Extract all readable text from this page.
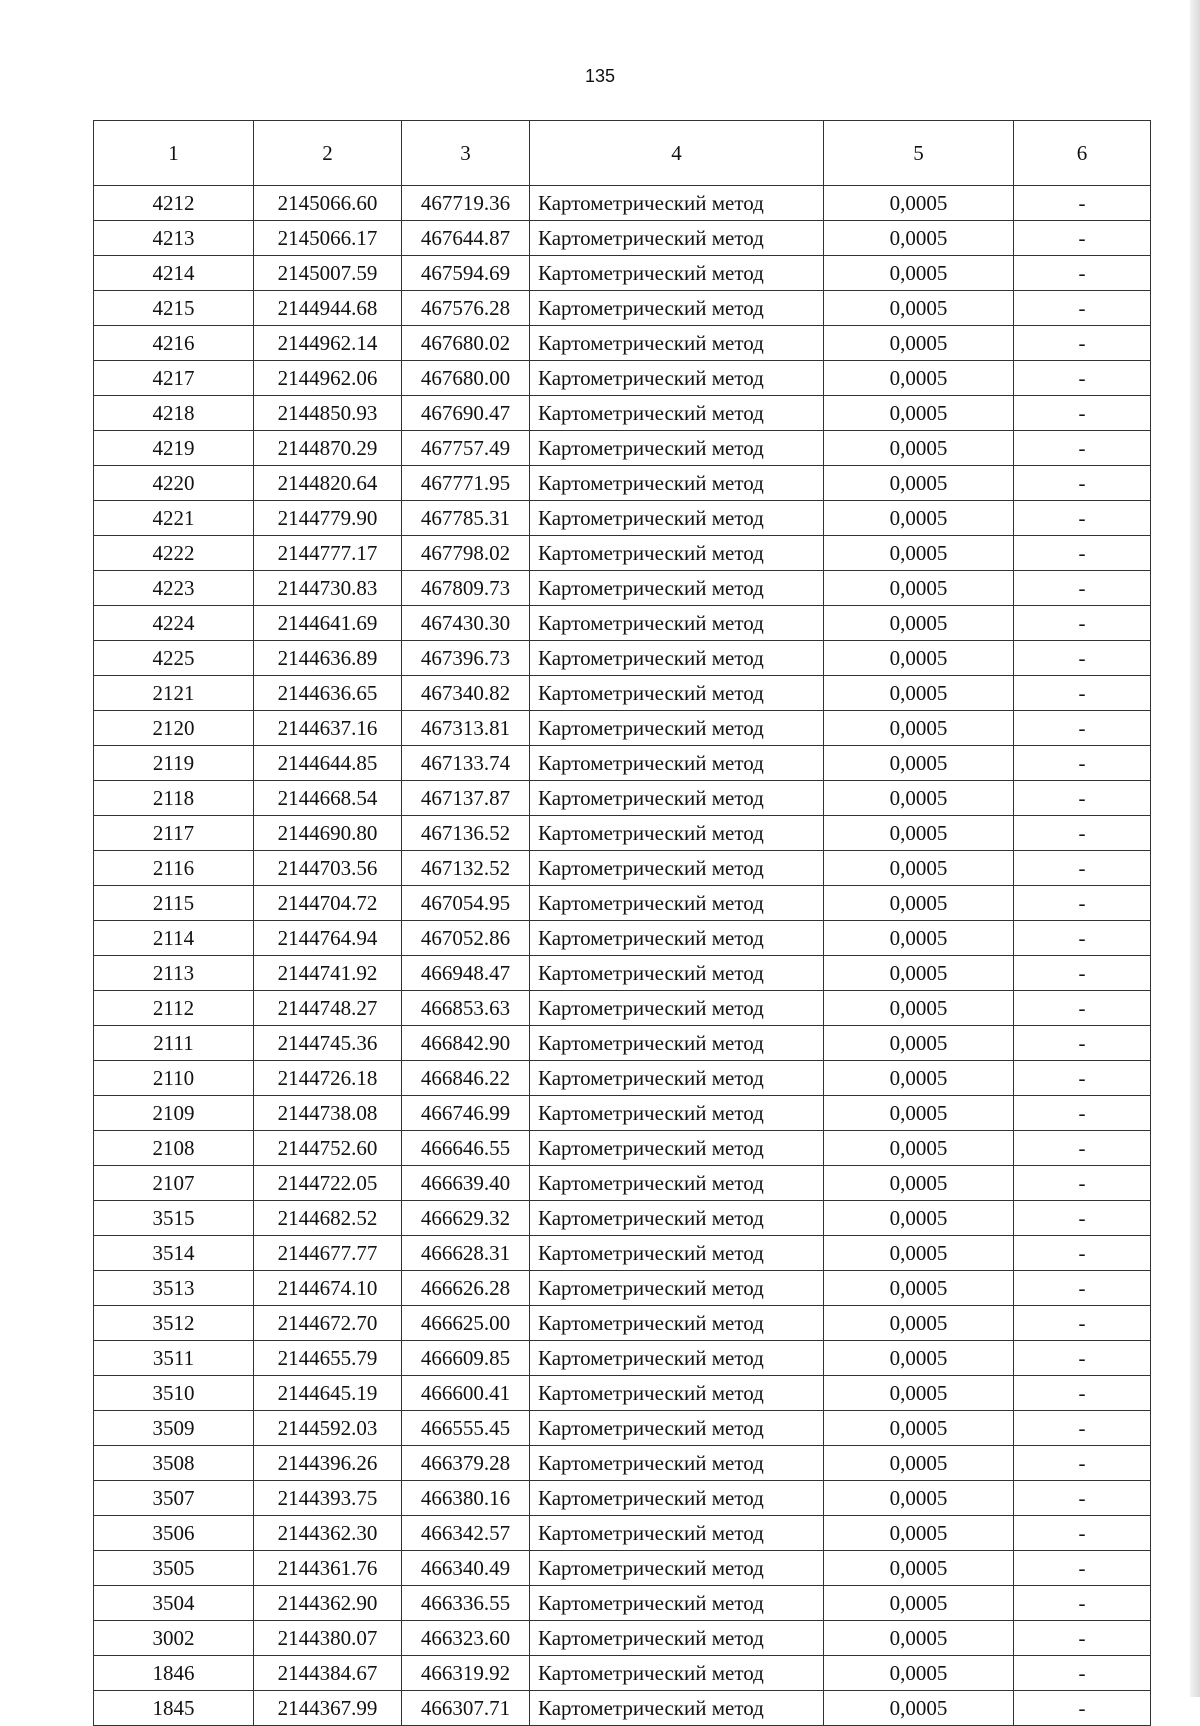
135
1	2	3	4	5	6
4212	2145066.60	467719.36	Картометрический метод	0,0005	-
4213	2145066.17	467644.87	Картометрический метод	0,0005	-
4214	2145007.59	467594.69	Картометрический метод	0,0005	-
4215	2144944.68	467576.28	Картометрический метод	0,0005	-
4216	2144962.14	467680.02	Картометрический метод	0,0005	-
4217	2144962.06	467680.00	Картометрический метод	0,0005	-
4218	2144850.93	467690.47	Картометрический метод	0,0005	-
4219	2144870.29	467757.49	Картометрический метод	0,0005	-
4220	2144820.64	467771.95	Картометрический метод	0,0005	-
4221	2144779.90	467785.31	Картометрический метод	0,0005	-
4222	2144777.17	467798.02	Картометрический метод	0,0005	-
4223	2144730.83	467809.73	Картометрический метод	0,0005	-
4224	2144641.69	467430.30	Картометрический метод	0,0005	-
4225	2144636.89	467396.73	Картометрический метод	0,0005	-
2121	2144636.65	467340.82	Картометрический метод	0,0005	-
2120	2144637.16	467313.81	Картометрический метод	0,0005	-
2119	2144644.85	467133.74	Картометрический метод	0,0005	-
2118	2144668.54	467137.87	Картометрический метод	0,0005	-
2117	2144690.80	467136.52	Картометрический метод	0,0005	-
2116	2144703.56	467132.52	Картометрический метод	0,0005	-
2115	2144704.72	467054.95	Картометрический метод	0,0005	-
2114	2144764.94	467052.86	Картометрический метод	0,0005	-
2113	2144741.92	466948.47	Картометрический метод	0,0005	-
2112	2144748.27	466853.63	Картометрический метод	0,0005	-
2111	2144745.36	466842.90	Картометрический метод	0,0005	-
2110	2144726.18	466846.22	Картометрический метод	0,0005	-
2109	2144738.08	466746.99	Картометрический метод	0,0005	-
2108	2144752.60	466646.55	Картометрический метод	0,0005	-
2107	2144722.05	466639.40	Картометрический метод	0,0005	-
3515	2144682.52	466629.32	Картометрический метод	0,0005	-
3514	2144677.77	466628.31	Картометрический метод	0,0005	-
3513	2144674.10	466626.28	Картометрический метод	0,0005	-
3512	2144672.70	466625.00	Картометрический метод	0,0005	-
3511	2144655.79	466609.85	Картометрический метод	0,0005	-
3510	2144645.19	466600.41	Картометрический метод	0,0005	-
3509	2144592.03	466555.45	Картометрический метод	0,0005	-
3508	2144396.26	466379.28	Картометрический метод	0,0005	-
3507	2144393.75	466380.16	Картометрический метод	0,0005	-
3506	2144362.30	466342.57	Картометрический метод	0,0005	-
3505	2144361.76	466340.49	Картометрический метод	0,0005	-
3504	2144362.90	466336.55	Картометрический метод	0,0005	-
3002	2144380.07	466323.60	Картометрический метод	0,0005	-
1846	2144384.67	466319.92	Картометрический метод	0,0005	-
1845	2144367.99	466307.71	Картометрический метод	0,0005	-
